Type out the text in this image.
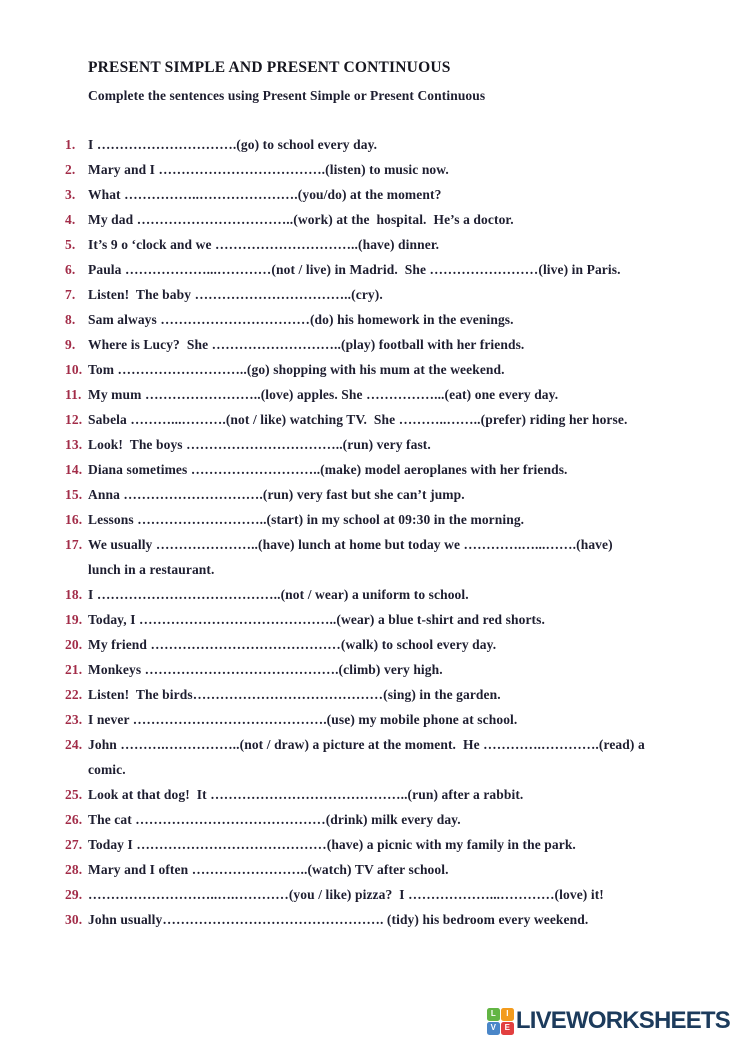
PRESENT SIMPLE AND PRESENT CONTINUOUS

Complete the sentences using Present Simple or Present Continuous

1. I ………………………….(go) to school every day.
2. Mary and I ……………………………….(listen) to music now.
3. What ……………..………………….(you/do) at the moment?
4. My dad ……………………………..(work) at the  hospital.  He’s a doctor.
5. It’s 9 o ‘clock and we …………………………..(have) dinner.
6. Paula ………………...…………(not / live) in Madrid.  She ……………………(live) in Paris.
7. Listen!  The baby ……………………………..(cry).
8. Sam always ……………………………(do) his homework in the evenings.
9. Where is Lucy?  She ………………………..(play) football with her friends.
10. Tom ………………………..(go) shopping with his mum at the weekend.
11. My mum ……………………..(love) apples. She ……………...(eat) one every day.
12. Sabela ………...……….(not / like) watching TV.  She ………..……..(prefer) riding her horse.
13. Look!  The boys ……………………………..(run) very fast.
14. Diana sometimes ………………………..(make) model aeroplanes with her friends.
15. Anna ………………………….(run) very fast but she can’t jump.
16. Lessons ………………………..(start) in my school at 09:30 in the morning.
17. We usually …………………..(have) lunch at home but today we ………….…...…….(have)
lunch in a restaurant.
18. I …………………………………..(not / wear) a uniform to school.
19. Today, I ……………………………………..(wear) a blue t-shirt and red shorts.
20. My friend ……………………………………(walk) to school every day.
21. Monkeys …………………………………….(climb) very high.
22. Listen!  The birds……………………………………(sing) in the garden.
23. I never …………………………………….(use) my mobile phone at school.
24. John ……….……………..(not / draw) a picture at the moment.  He ………….………….(read) a
comic.
25. Look at that dog!  It ……………………………………..(run) after a rabbit.
26. The cat ……………………………………(drink) milk every day.
27. Today I ……………………………………(have) a picnic with my family in the park.
28. Mary and I often ……………………..(watch) TV after school.
29. ………………………..….…………(you / like) pizza?  I ………………...…………(love) it!
30. John usually…………………………………………. (tidy) his bedroom every weekend.
L	I
V	E LIVEWORKSHEETS
